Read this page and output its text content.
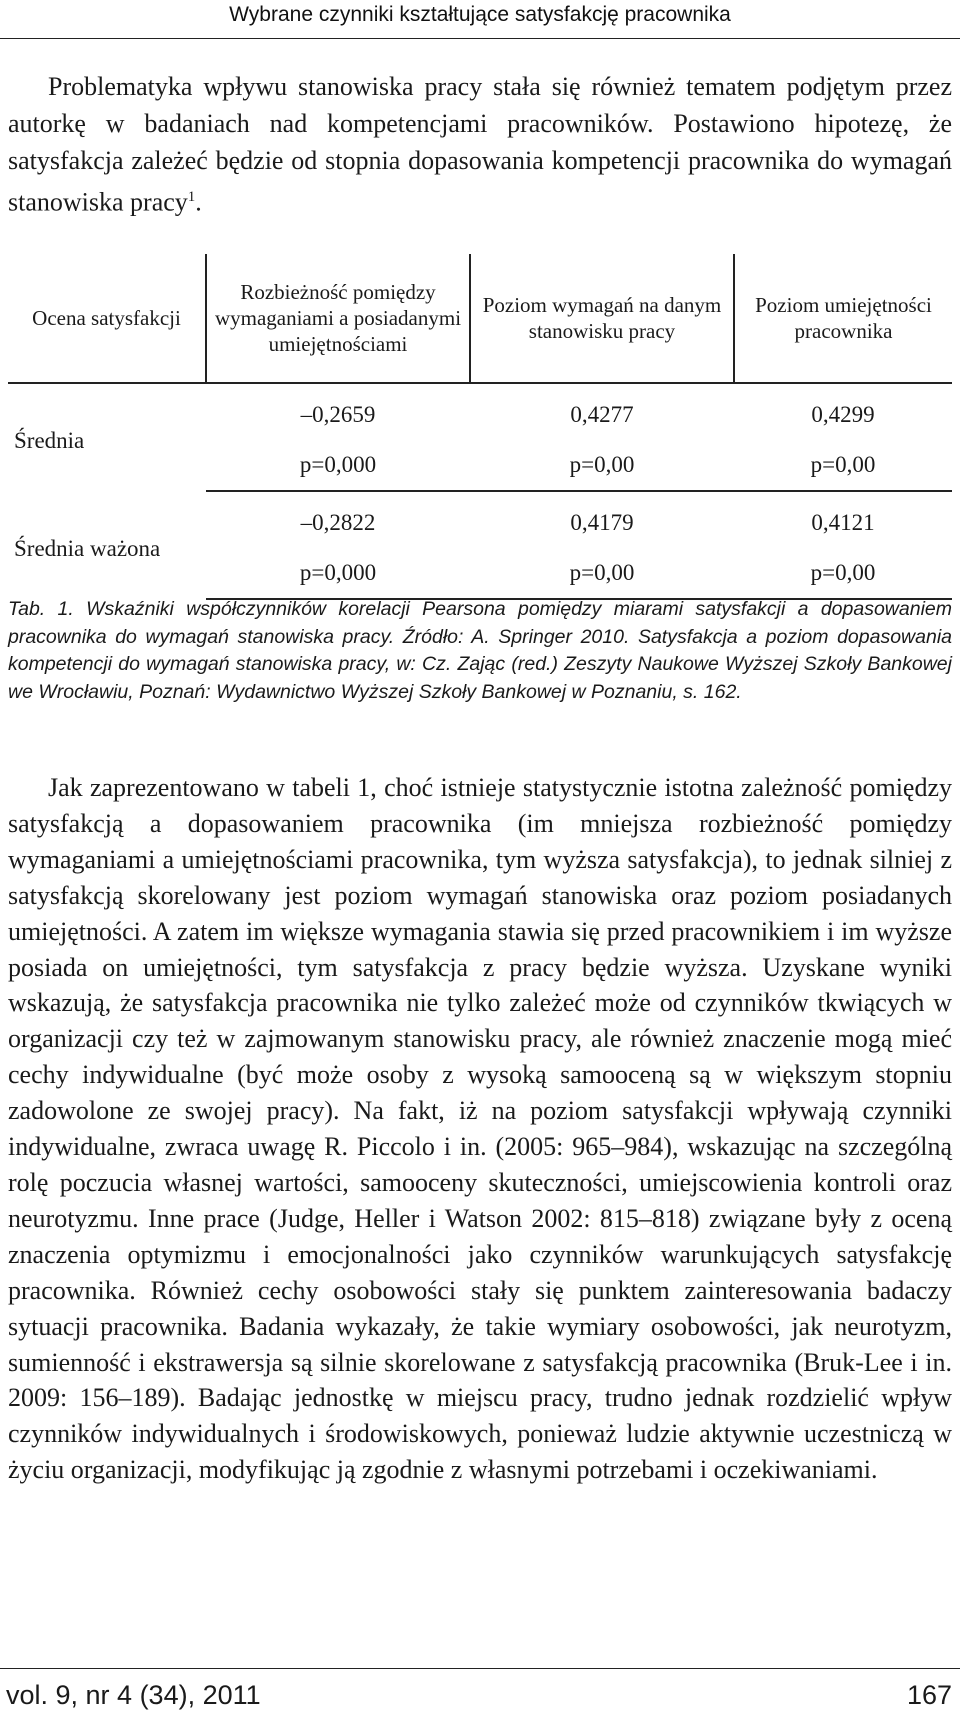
Wybrane czynniki kształtujące satysfakcję pracownika

Problematyka wpływu stanowiska pracy stała się również tematem podjętym przez autorkę w badaniach nad kompetencjami pracowników. Postawiono hipotezę, że satysfakcja zależeć będzie od stopnia dopasowania kompetencji pracownika do wymagań stanowiska pracy$^1$.

Ocena satysfakcji	Rozbieżność pomiędzy wymaganiami a posiadanymi umiejętnościami	Poziom wymagań na danym stanowisku pracy	Poziom umiejętności pracownika

Średnia	–0,2659	0,4277	0,4299
	p=0,000	p=0,00	p=0,00

Średnia ważona	–0,2822	0,4179	0,4121
	p=0,000	p=0,00	p=0,00

Tab. 1. Wskaźniki współczynników korelacji Pearsona pomiędzy miarami satysfakcji a dopasowaniem pracownika do wymagań stanowiska pracy. Źródło: A. Springer 2010. Satysfakcja a poziom dopasowania kompetencji do wymagań stanowiska pracy, w: Cz. Zając (red.) Zeszyty Naukowe Wyższej Szkoły Bankowej we Wrocławiu, Poznań: Wydawnictwo Wyższej Szkoły Bankowej w Poznaniu, s. 162.

Jak zaprezentowano w tabeli 1, choć istnieje statystycznie istotna zależność pomiędzy satysfakcją a dopasowaniem pracownika (im mniejsza rozbieżność pomiędzy wymaganiami a umiejętnościami pracownika, tym wyższa satysfakcja), to jednak silniej z satysfakcją skorelowany jest poziom wymagań stanowiska oraz poziom posiadanych umiejętności. A zatem im większe wymagania stawia się przed pracownikiem i im wyższe posiada on umiejętności, tym satysfakcja z pracy będzie wyższa. Uzyskane wyniki wskazują, że satysfakcja pracownika nie tylko zależeć może od czynników tkwiących w organizacji czy też w zajmowanym stanowisku pracy, ale również znaczenie mogą mieć cechy indywidualne (być może osoby z wysoką samooceną są w większym stopniu zadowolone ze swojej pracy). Na fakt, iż na poziom satysfakcji wpływają czynniki indywidualne, zwraca uwagę R. Piccolo i in. (2005: 965–984), wskazując na szczególną rolę poczucia własnej wartości, samooceny skuteczności, umiejscowienia kontroli oraz neurotyzmu. Inne prace (Judge, Heller i Watson 2002: 815–818) związane były z oceną znaczenia optymizmu i emocjonalności jako czynników warunkujących satysfakcję pracownika. Również cechy osobowości stały się punktem zainteresowania badaczy sytuacji pracownika. Badania wykazały, że takie wymiary osobowości, jak neurotyzm, sumienność i ekstrawersja są silnie skorelowane z satysfakcją pracownika (Bruk-Lee i in. 2009: 156–189). Badając jednostkę w miejscu pracy, trudno jednak rozdzielić wpływ czynników indywidualnych i środowiskowych, ponieważ ludzie aktywnie uczestniczą w życiu organizacji, modyfikując ją zgodnie z własnymi potrzebami i oczekiwaniami.

vol. 9, nr 4 (34), 2011	167
